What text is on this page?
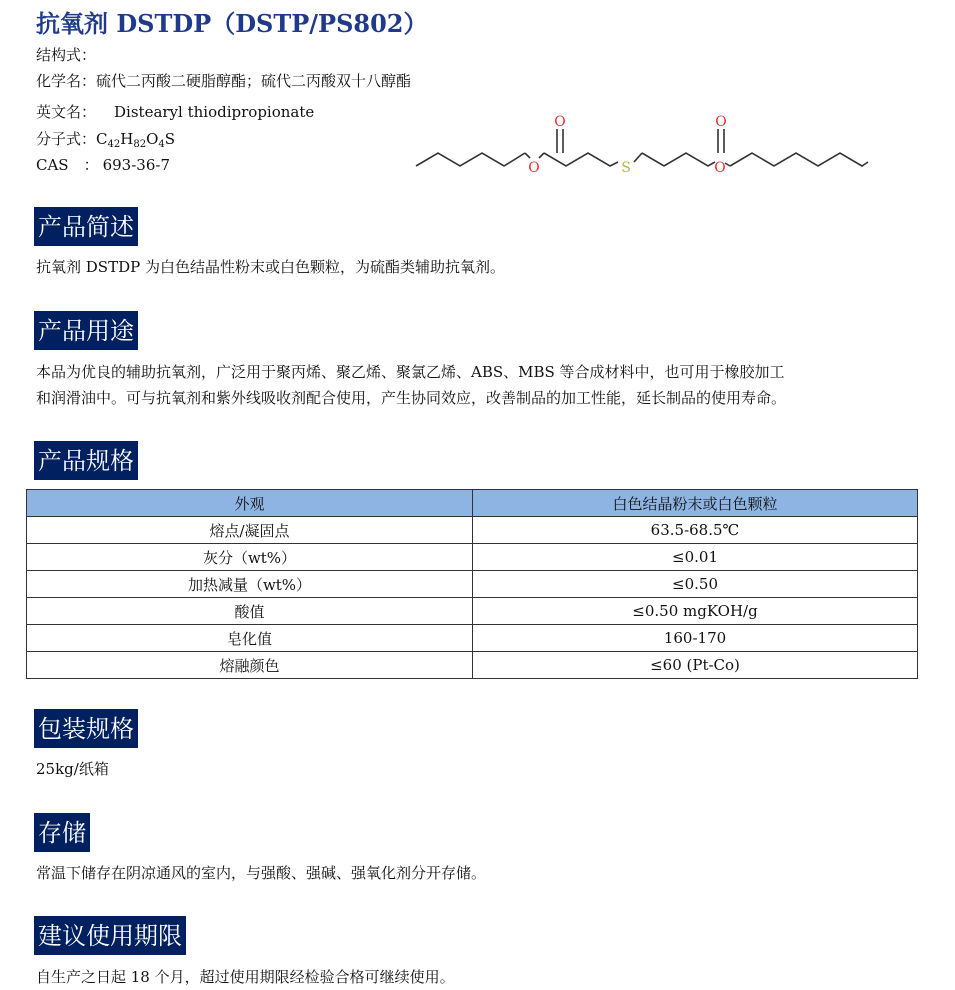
抗氧剂 DSTDP（DSTP/PS802）
结构式：
化学名：硫代二丙酸二硬脂醇酯；硫代二丙酸双十八醇酯
英文名： Distearyl thiodipropionate
分子式：$C_{42}H_{82}O_4S$
CAS　： 693-36-7	O
O
S
O
O
产品简述
抗氧剂 DSTDP 为白色结晶性粉末或白色颗粒，为硫酯类辅助抗氧剂。
产品用途
本品为优良的辅助抗氧剂，广泛用于聚丙烯、聚乙烯、聚氯乙烯、ABS、MBS 等合成材料中，也可用于橡胶加工
和润滑油中。可与抗氧剂和紫外线吸收剂配合使用，产生协同效应，改善制品的加工性能，延长制品的使用寿命。
产品规格
外观	白色结晶粉末或白色颗粒
熔点/凝固点	63.5-68.5℃
灰分（wt%）	≤0.01
加热减量（wt%）	≤0.50
酸值	≤0.50 mgKOH/g
皂化值	160-170
熔融颜色	≤60 (Pt-Co)
包装规格
25kg/纸箱
存储
常温下储存在阴凉通风的室内，与强酸、强碱、强氧化剂分开存储。
建议使用期限
自生产之日起 18 个月，超过使用期限经检验合格可继续使用。
